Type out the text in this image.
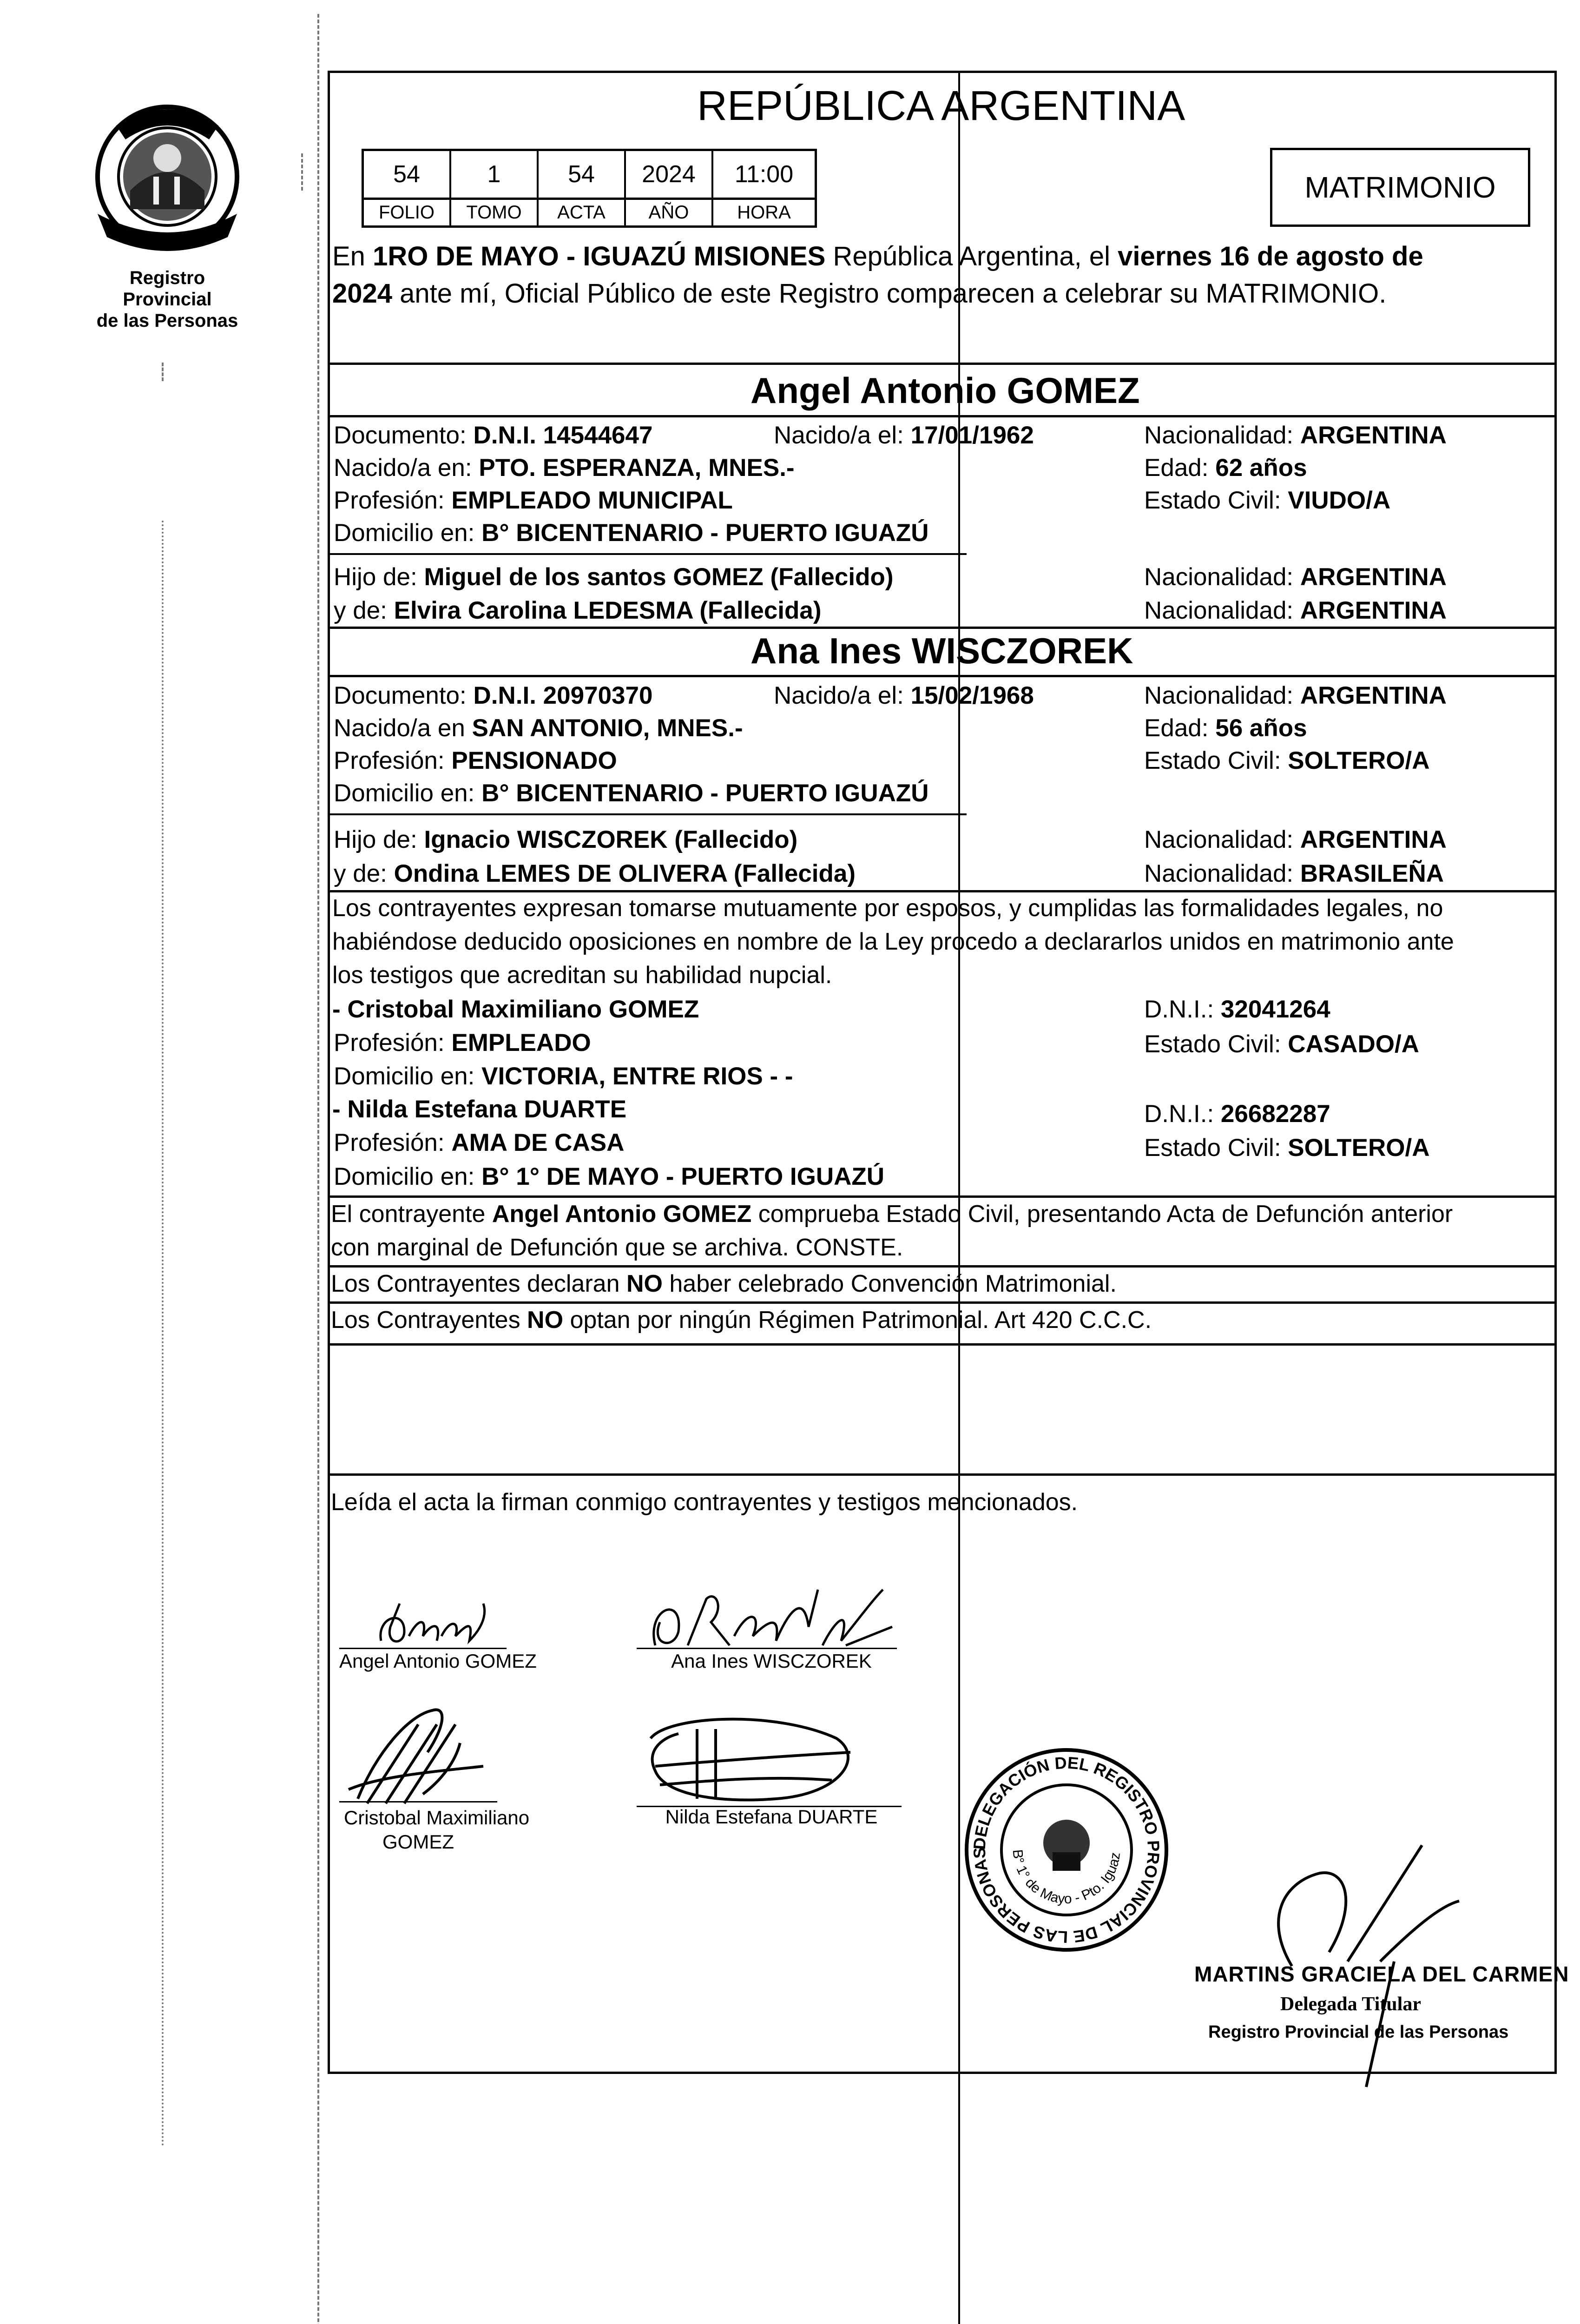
Registro Provincial
de las Personas
REPÚBLICA ARGENTINA
54	1	54	2024	11:00
FOLIO	TOMO	ACTA	AÑO	HORA
MATRIMONIO
En 1RO DE MAYO - IGUAZÚ MISIONES República Argentina, el viernes 16 de agosto de
2024 ante mí, Oficial Público de este Registro comparecen a celebrar su MATRIMONIO.
Angel Antonio GOMEZ
Documento: D.N.I. 14544647	Nacido/a el: 17/01/1962	Nacionalidad: ARGENTINA
Nacido/a en: PTO. ESPERANZA, MNES.-	Edad: 62 años
Profesión: EMPLEADO MUNICIPAL	Estado Civil: VIUDO/A
Domicilio en: B° BICENTENARIO - PUERTO IGUAZÚ
Hijo de: Miguel de los santos GOMEZ (Fallecido)	Nacionalidad: ARGENTINA
y de: Elvira Carolina LEDESMA (Fallecida)	Nacionalidad: ARGENTINA
Ana Ines WISCZOREK
Documento: D.N.I. 20970370	Nacido/a el: 15/02/1968	Nacionalidad: ARGENTINA
Nacido/a en SAN ANTONIO, MNES.-	Edad: 56 años
Profesión: PENSIONADO	Estado Civil: SOLTERO/A
Domicilio en: B° BICENTENARIO - PUERTO IGUAZÚ
Hijo de: Ignacio WISCZOREK (Fallecido)	Nacionalidad: ARGENTINA
y de: Ondina LEMES DE OLIVERA (Fallecida)	Nacionalidad: BRASILEÑA
Los contrayentes expresan tomarse mutuamente por esposos, y cumplidas las formalidades legales, no
habiéndose deducido oposiciones en nombre de la Ley procedo a declararlos unidos en matrimonio ante
los testigos que acreditan su habilidad nupcial.
- Cristobal Maximiliano GOMEZ	D.N.I.: 32041264
Profesión: EMPLEADO	Estado Civil: CASADO/A
Domicilio en: VICTORIA, ENTRE RIOS - -
- Nilda Estefana DUARTE	D.N.I.: 26682287
Profesión: AMA DE CASA	Estado Civil: SOLTERO/A
Domicilio en: B° 1° DE MAYO - PUERTO IGUAZÚ
El contrayente Angel Antonio GOMEZ comprueba Estado Civil, presentando Acta de Defunción anterior
con marginal de Defunción que se archiva. CONSTE.
Los Contrayentes declaran NO haber celebrado Convención Matrimonial.
Los Contrayentes NO optan por ningún Régimen Patrimonial. Art 420 C.C.C.
Leída el acta la firman conmigo contrayentes y testigos mencionados.
Angel Antonio GOMEZ	Ana Ines WISCZOREK
Cristobal Maximiliano
GOMEZ
Nilda Estefana DUARTE
DELEGACIÓN DEL REGISTRO PROVINCIAL DE LAS PERSONAS	B° 1° de Mayo - Pto. Iguaz
MARTINS GRACIELA DEL CARMEN
Delegada Titular
Registro Provincial de las Personas
